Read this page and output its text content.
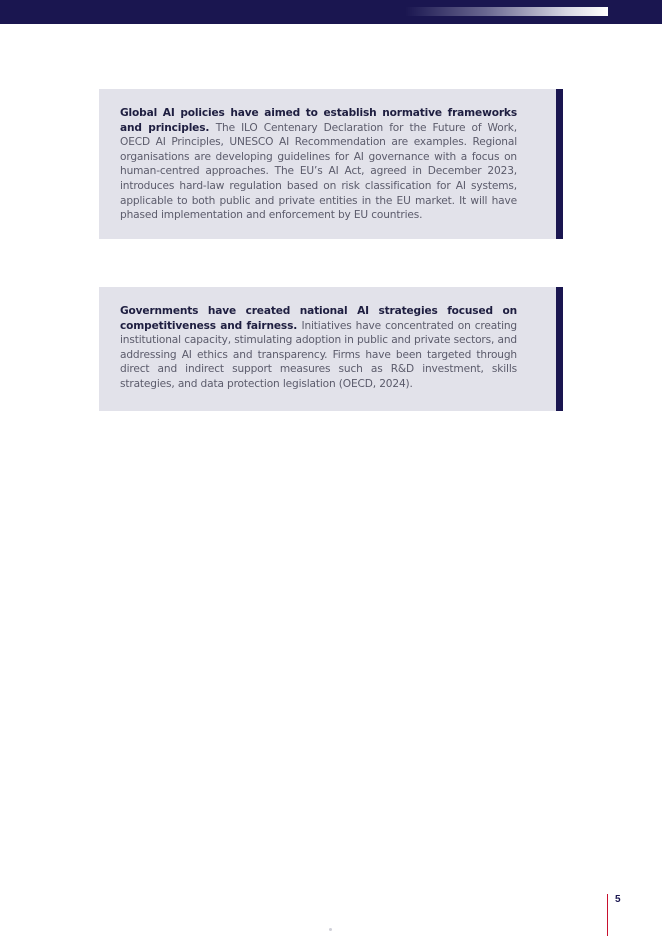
Global AI policies have aimed to establish normative frameworks and principles. The ILO Centenary Declaration for the Future of Work, OECD AI Principles, UNESCO AI Recommendation are examples. Regional organisations are developing guidelines for AI governance with a focus on human-centred approaches. The EU’s AI Act, agreed in December 2023, introduces hard-law regulation based on risk classification for AI systems, applicable to both public and private entities in the EU market. It will have phased implementation and enforcement by EU countries.
Governments have created national AI strategies focused on competitiveness and fairness. Initiatives have concentrated on creating institutional capacity, stimulating adoption in public and private sectors, and addressing AI ethics and transparency. Firms have been targeted through direct and indirect support measures such as R&D investment, skills strategies, and data protection legislation (OECD, 2024).
5
